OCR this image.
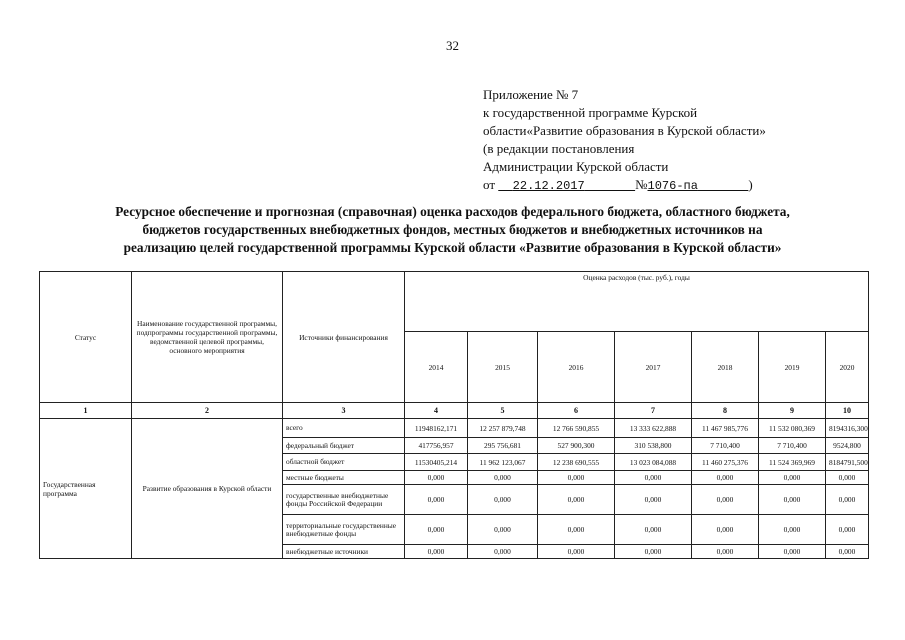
32
Приложение № 7
к государственной программе Курской
области«Развитие образования в Курской области»
(в редакции постановления
Администрации Курской области
от 22.12.2017	№1076-па	)
Ресурсное обеспечение и прогнозная (справочная) оценка расходов федерального бюджета, областного бюджета,
бюджетов государственных внебюджетных фондов, местных бюджетов и внебюджетных источников на
реализацию целей государственной программы Курской области «Развитие образования в Курской области»
Статус	Наименование государственной программы, подпрограммы государственной программы, ведомственной целевой программы, основного мероприятия	Источники финансирования	Оценка расходов (тыс. руб.), годы						
			2014	2015	2016	2017	2018	2019	2020
1	2	3	4	5	6	7	8	9	10
Государственная программа	Развитие образования в Курской области	всего	11948162,171	12 257 879,748	12 766 590,855	13 333 622,888	11 467 985,776	11 532 080,369	8194316,300
		федеральный бюджет	417756,957	295 756,681	527 900,300	310 538,800	7 710,400	7 710,400	9524,800
		областной бюджет	11530405,214	11 962 123,067	12 238 690,555	13 023 084,088	11 460 275,376	11 524 369,969	8184791,500
		местные бюджеты	0,000	0,000	0,000	0,000	0,000	0,000	0,000
		государственные внебюджетные фонды Российской Федерации	0,000	0,000	0,000	0,000	0,000	0,000	0,000
		территориальные государственные внебюджетные фонды	0,000	0,000	0,000	0,000	0,000	0,000	0,000
		внебюджетные источники	0,000	0,000	0,000	0,000	0,000	0,000	0,000
